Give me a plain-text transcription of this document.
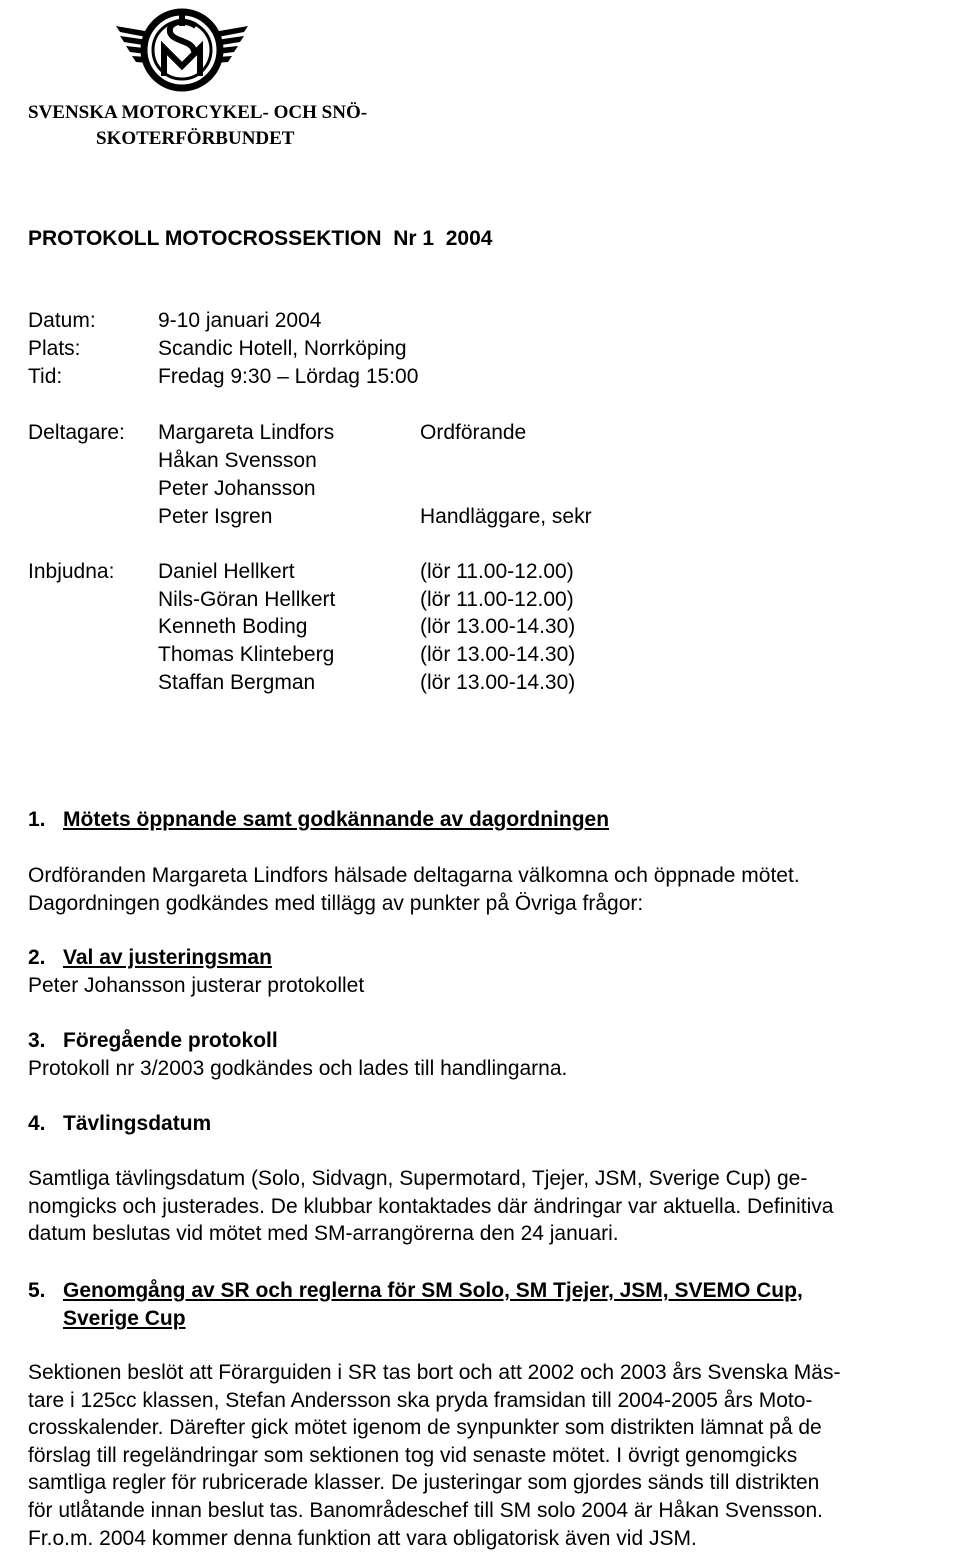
SVENSKA MOTORCYKEL- OCH SNÖ-
SKOTERFÖRBUNDET
PROTOKOLL MOTOCROSSEKTION  Nr 1  2004
Datum:	9-10 januari 2004
Plats:	Scandic Hotell, Norrköping
Tid:	Fredag 9:30 – Lördag 15:00
Deltagare: Margareta Lindfors	Ordförande
Håkan Svensson
Peter Johansson
Peter Isgren	Handläggare, sekr
Inbjudna: Daniel Hellkert	(lör 11.00-12.00)
Nils-Göran Hellkert	(lör 11.00-12.00)
Kenneth Boding	(lör 13.00-14.30)
Thomas Klinteberg	(lör 13.00-14.30)
Staffan Bergman	(lör 13.00-14.30)
1. Mötets öppnande samt godkännande av dagordningen
Ordföranden Margareta Lindfors hälsade deltagarna välkomna och öppnade mötet.
Dagordningen godkändes med tillägg av punkter på Övriga frågor:
2. Val av justeringsman
Peter Johansson justerar protokollet
3. Föregående protokoll
Protokoll nr 3/2003 godkändes och lades till handlingarna.
4. Tävlingsdatum
Samtliga tävlingsdatum (Solo, Sidvagn, Supermotard, Tjejer, JSM, Sverige Cup) ge-
nomgicks och justerades. De klubbar kontaktades där ändringar var aktuella. Definitiva
datum beslutas vid mötet med SM-arrangörerna den 24 januari.
5. Genomgång av SR och reglerna för SM Solo, SM Tjejer, JSM, SVEMO Cup,
Sverige Cup
Sektionen beslöt att Förarguiden i SR tas bort och att 2002 och 2003 års Svenska Mäs-
tare i 125cc klassen, Stefan Andersson ska pryda framsidan till 2004-2005 års Moto-
crosskalender. Därefter gick mötet igenom de synpunkter som distrikten lämnat på de
förslag till regeländringar som sektionen tog vid senaste mötet. I övrigt genomgicks
samtliga regler för rubricerade klasser. De justeringar som gjordes sänds till distrikten
för utlåtande innan beslut tas. Banområdeschef till SM solo 2004 är Håkan Svensson.
Fr.o.m. 2004 kommer denna funktion att vara obligatorisk även vid JSM.
